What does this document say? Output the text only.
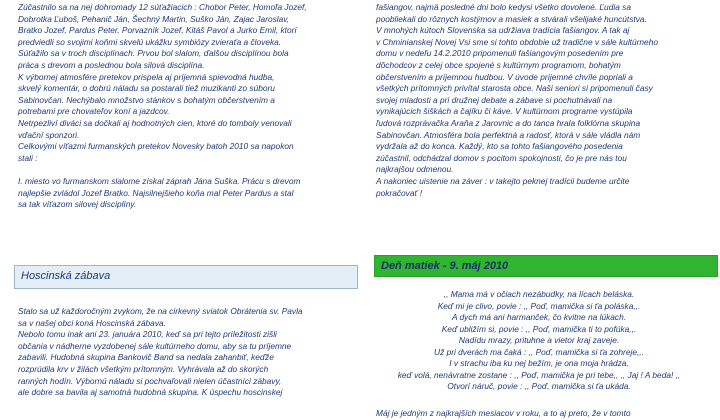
Zúčastnilo sa na nej dohromady 12 súťažiacich : Chobor Peter, Homoľa Jozef,

Dobrotka Ľuboš, Pehanič Ján, Šechný Martin, Suško Ján, Zajac Jaroslav,

Bratko Jozef, Pardus Peter, Porvazník Jozef, Kitáš Pavol a Jurko Emil, ktorí

predviedli so svojimi koňmi skvelú ukážku symbiózy zvieraťa a človeka.

Súťažilo sa v troch disciplínach. Prvou bol slalom, ďalšou disciplínou bola

práca s drevom a poslednou bola silová disciplína.

K výbornej atmosfére pretekov prispela aj príjemná spievodná hudba,

skvelý komentár, o dobrú náladu sa postarali tiež muzikanti zo súboru

Sabinovčan. Nechýbalo množstvo stánkov s bohatým občerstvením a

potrebami pre chovateľov koní a jazdcov.

Netrpezliví diváci sa dočkali aj hodnotných cien, ktoré do tomboly venovali

vďační sponzori.

Celkovými víťazmi furmanských pretekov Novesky batoh 2010 sa napokon

stali :

I. miesto vo furmanskom slalome získal záprah Jána Suška. Prácu s drevom

najlepšie zvládol Jozef Bratko. Najsilnejšieho koňa mal Peter Pardus a stal

sa tak víťazom silovej disciplíny.

Hoscinská zábava

Stalo sa už každoročným zvykom, že na cirkevný sviatok Obrátenia sv. Pavla

sa v našej obci koná Hoscinská zábava.

Nebolo tomu inak ani 23. januára 2010, keď sa pri tejto príležitosti zišli

občania v nádherne vyzdobenej sále kultúrneho domu, aby sa tu príjemne

zabavili. Hudobná skupina Bankovič Band sa nedala zahanbiť, keďže

rozprúdila krv v žilách všetkým prítomným. Vyhrávala až do skorých

ranných hodín. Výbornú náladu si pochvaľovali nielen účastníci zábavy,

ale dobre sa bavila aj samotná hudobná skupina. K úspechu hoscinskej

fašiangov, najmä posledné dni bolo kedysi všetko dovolené. Ľudia sa

poobliekali do rôznych kostýmov a masiek a stvárali všelijaké huncútstva.

V mnohých kútoch Slovenska sa udržiava tradícia fašiangov. A tak aj

v Chminianskej Novej Vsi sme si tohto obdobie už tradične v sále kultúrneho

domu v nedeľu 14.2.2010 pripomenuli fašiangovým posedením pre

dôchodcov z celej obce spojené s kultúrnym programom, bohatým

občerstvením a príjemnou hudbou. V úvode príjemné chvíle popriali a

všetkých prítomných privítal starosta obce. Naši seniori si pripomenuli časy

svojej mladosti a pri družnej debate a zábave si pochutnávali na

vynikajúcich šiškách a čajíku či káve. V kultúrnom programe vystúpila

ľudová rozprávačka Araňa z Jarovnic a do tanca hrala folklórna skupina

Sabinovčan. Atmosféra bola perfektná a radosť, ktorá v sále vládla nám

vydržala až do konca. Každý, kto sa tohto fašiangového posedenia

zúčastnil, odchádzal domov s pocitom spokojnosti, čo je pre nás tou

najkrajšou odmenou.

A nakoniec uistenie na záver : v takejto peknej tradícii budeme určite

pokračovať !

Deň matiek - 9. máj 2010

,, Mama má v očiach nezábudky, na lícach beláska.

Keď mi je clivo, povie : ,, Poď, mamička si ťa poláska,,.

A dych má ani harmanček, čo kvitne na lúkach.

Keď ubližím si, povie : ,, Poď, mamička ti to pofúka,,.

Nadídu mrazy, prituhne a vietor kraj zaveje.

Už pri dverách ma čaká : ,, Poď, mamička si ťa zohreje,,.

I v strachu iba ku nej bežím, je ona moja hrádza,

keď volá, nenávratne zostane : ,, Poď, mamička je pri tebe,, ,, Jaj ! A beda! ,,

Otvorí náruč, povie : ,, Poď, mamička si ťa ukáda.

Máj je jedným z najkrajších mesiacov v roku, a to aj preto, že v tomto
